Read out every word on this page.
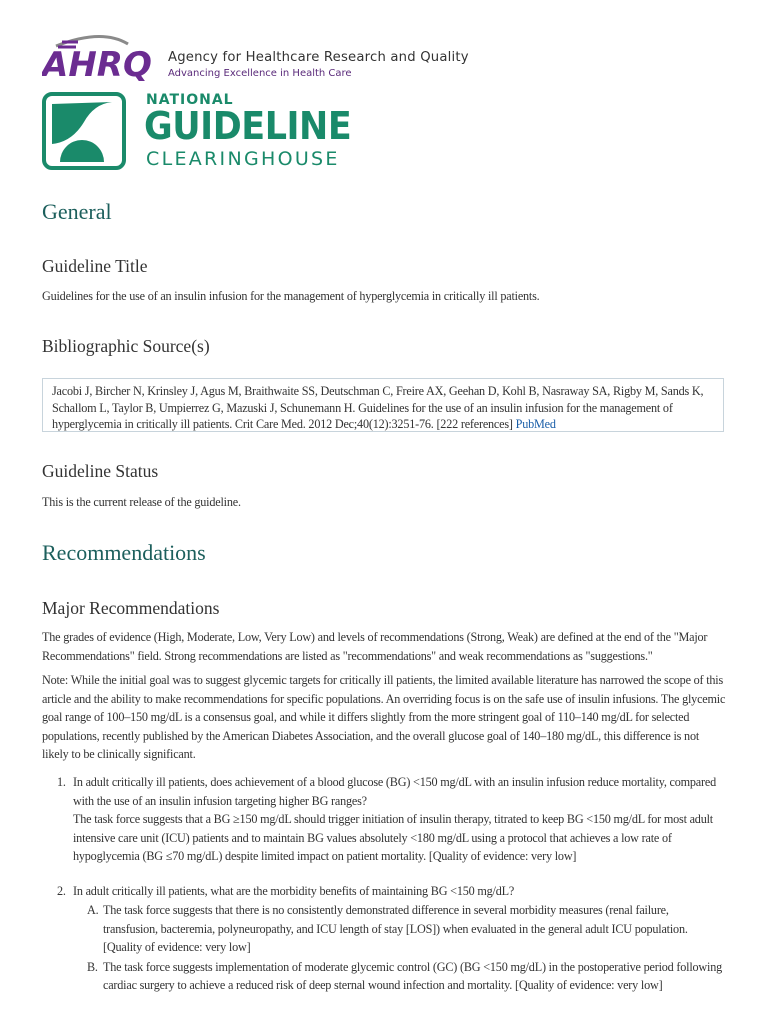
AHRQ Agency for Healthcare Research and Quality
Advancing Excellence in Health Care
NATIONAL
GUIDELINE
CLEARINGHOUSE
General
Guideline Title

Guidelines for the use of an insulin infusion for the management of hyperglycemia in critically ill patients.

Bibliographic Source(s)
Jacobi J, Bircher N, Krinsley J, Agus M, Braithwaite SS, Deutschman C, Freire AX, Geehan D, Kohl B, Nasraway SA, Rigby M, Sands K, Schallom L, Taylor B, Umpierrez G, Mazuski J, Schunemann H. Guidelines for the use of an insulin infusion for the management of hyperglycemia in critically ill patients. Crit Care Med. 2012 Dec;40(12):3251-76. [222 references] PubMed
Guideline Status

This is the current release of the guideline.

Recommendations
Major Recommendations

The grades of evidence (High, Moderate, Low, Very Low) and levels of recommendations (Strong, Weak) are defined at the end of the "Major Recommendations" field. Strong recommendations are listed as "recommendations" and weak recommendations as "suggestions."

Note: While the initial goal was to suggest glycemic targets for critically ill patients, the limited available literature has narrowed the scope of this article and the ability to make recommendations for specific populations. An overriding focus is on the safe use of insulin infusions. The glycemic goal range of 100–150 mg/dL is a consensus goal, and while it differs slightly from the more stringent goal of 110–140 mg/dL for selected populations, recently published by the American Diabetes Association, and the overall glucose goal of 140–180 mg/dL, this difference is not likely to be clinically significant.

1. In adult critically ill patients, does achievement of a blood glucose (BG) <150 mg/dL with an insulin infusion reduce mortality, compared with the use of an insulin infusion targeting higher BG ranges?
The task force suggests that a BG ≥150 mg/dL should trigger initiation of insulin therapy, titrated to keep BG <150 mg/dL for most adult intensive care unit (ICU) patients and to maintain BG values absolutely <180 mg/dL using a protocol that achieves a low rate of hypoglycemia (BG ≤70 mg/dL) despite limited impact on patient mortality. [Quality of evidence: very low]
2. In adult critically ill patients, what are the morbidity benefits of maintaining BG <150 mg/dL?
A. The task force suggests that there is no consistently demonstrated difference in several morbidity measures (renal failure, transfusion, bacteremia, polyneuropathy, and ICU length of stay [LOS]) when evaluated in the general adult ICU population. [Quality of evidence: very low]
B. The task force suggests implementation of moderate glycemic control (GC) (BG <150 mg/dL) in the postoperative period following cardiac surgery to achieve a reduced risk of deep sternal wound infection and mortality. [Quality of evidence: very low]
